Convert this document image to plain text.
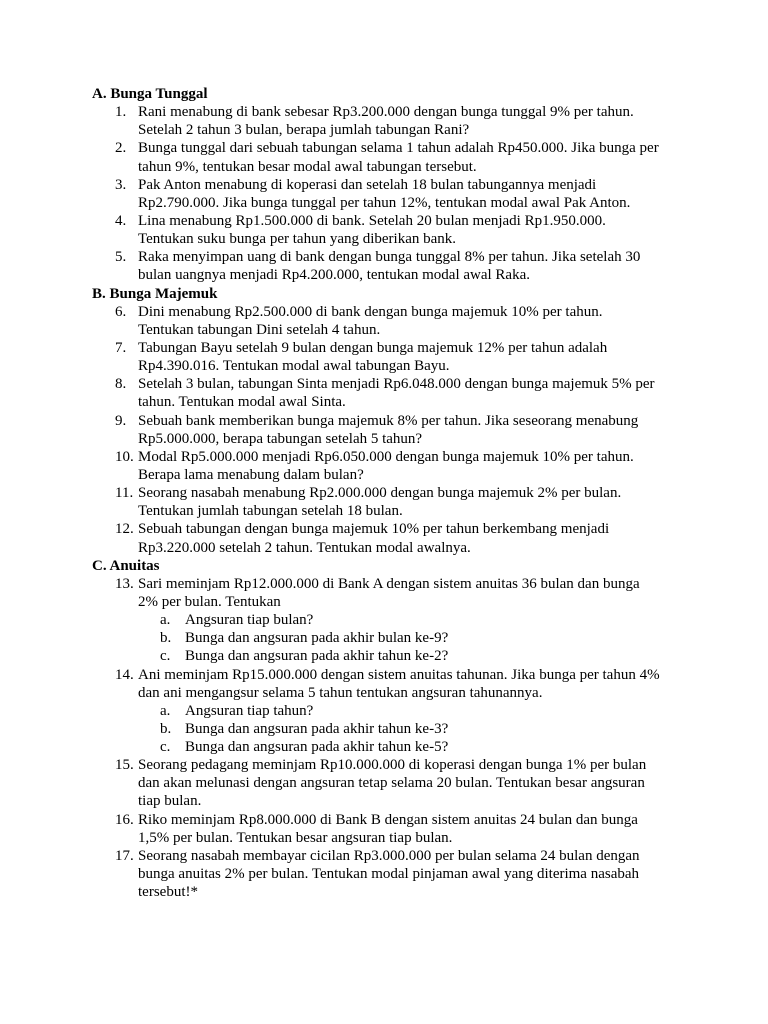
A. Bunga Tunggal
1. Rani menabung di bank sebesar Rp3.200.000 dengan bunga tunggal 9% per tahun.
Setelah 2 tahun 3 bulan, berapa jumlah tabungan Rani?
2. Bunga tunggal dari sebuah tabungan selama 1 tahun adalah Rp450.000. Jika bunga per
tahun 9%, tentukan besar modal awal tabungan tersebut.
3. Pak Anton menabung di koperasi dan setelah 18 bulan tabungannya menjadi
Rp2.790.000. Jika bunga tunggal per tahun 12%, tentukan modal awal Pak Anton.
4. Lina menabung Rp1.500.000 di bank. Setelah 20 bulan menjadi Rp1.950.000.
Tentukan suku bunga per tahun yang diberikan bank.
5. Raka menyimpan uang di bank dengan bunga tunggal 8% per tahun. Jika setelah 30
bulan uangnya menjadi Rp4.200.000, tentukan modal awal Raka.
B. Bunga Majemuk
6. Dini menabung Rp2.500.000 di bank dengan bunga majemuk 10% per tahun.
Tentukan tabungan Dini setelah 4 tahun.
7. Tabungan Bayu setelah 9 bulan dengan bunga majemuk 12% per tahun adalah
Rp4.390.016. Tentukan modal awal tabungan Bayu.
8. Setelah 3 bulan, tabungan Sinta menjadi Rp6.048.000 dengan bunga majemuk 5% per
tahun. Tentukan modal awal Sinta.
9. Sebuah bank memberikan bunga majemuk 8% per tahun. Jika seseorang menabung
Rp5.000.000, berapa tabungan setelah 5 tahun?
10. Modal Rp5.000.000 menjadi Rp6.050.000 dengan bunga majemuk 10% per tahun.
Berapa lama menabung dalam bulan?
11. Seorang nasabah menabung Rp2.000.000 dengan bunga majemuk 2% per bulan.
Tentukan jumlah tabungan setelah 18 bulan.
12. Sebuah tabungan dengan bunga majemuk 10% per tahun berkembang menjadi
Rp3.220.000 setelah 2 tahun. Tentukan modal awalnya.
C. Anuitas
13. Sari meminjam Rp12.000.000 di Bank A dengan sistem anuitas 36 bulan dan bunga
2% per bulan. Tentukan
a. Angsuran tiap bulan?
b. Bunga dan angsuran pada akhir bulan ke-9?
c. Bunga dan angsuran pada akhir tahun ke-2?
14. Ani meminjam Rp15.000.000 dengan sistem anuitas tahunan. Jika bunga per tahun 4%
dan ani mengangsur selama 5 tahun tentukan angsuran tahunannya.
a. Angsuran tiap tahun?
b. Bunga dan angsuran pada akhir tahun ke-3?
c. Bunga dan angsuran pada akhir tahun ke-5?
15. Seorang pedagang meminjam Rp10.000.000 di koperasi dengan bunga 1% per bulan
dan akan melunasi dengan angsuran tetap selama 20 bulan. Tentukan besar angsuran
tiap bulan.
16. Riko meminjam Rp8.000.000 di Bank B dengan sistem anuitas 24 bulan dan bunga
1,5% per bulan. Tentukan besar angsuran tiap bulan.
17. Seorang nasabah membayar cicilan Rp3.000.000 per bulan selama 24 bulan dengan
bunga anuitas 2% per bulan. Tentukan modal pinjaman awal yang diterima nasabah
tersebut!*
